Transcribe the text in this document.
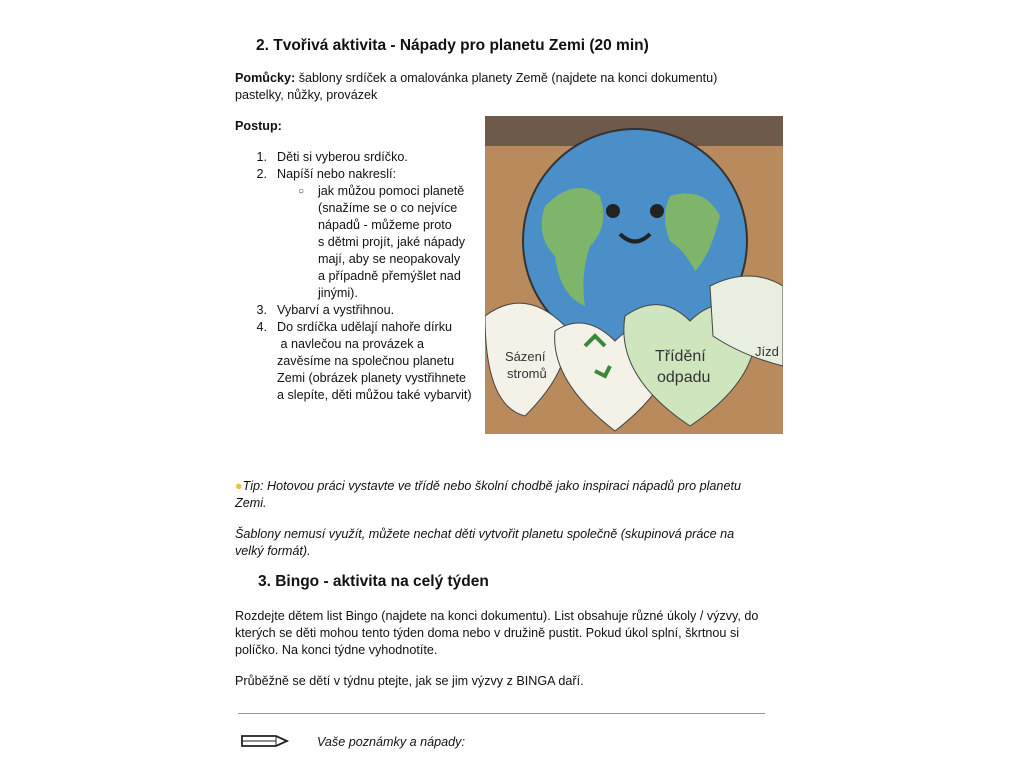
2. Tvořivá aktivita - Nápady pro planetu Zemi (20 min)
Pomůcky: šablony srdíček a omalovánka planety Země (najdete na konci dokumentu)
pastelky, nůžky, provázek
Postup:
1. Děti si vyberou srdíčko.
2. Napíší nebo nakreslí:
○ jak můžou pomoci planetě
(snažíme se o co nejvíce
nápadů - můžeme proto
s dětmi projít, jaké nápady
mají, aby se neopakovaly
a případně přemýšlet nad
jinými).
3. Vybarví a vystřihnou.
4. Do srdíčka udělají nahoře dírku
a navlečou na provázek a
zavěsíme na společnou planetu
Zemi (obrázek planety vystřihnete
a slepíte, děti můžou také vybarvit)
Sázení
stromů
Třídění
odpadu
Jízd
●Tip: Hotovou práci vystavte ve třídě nebo školní chodbě jako inspiraci nápadů pro planetu
Zemi.
Šablony nemusí využít, můžete nechat děti vytvořit planetu společně (skupinová práce na
velký formát).
3. Bingo - aktivita na celý týden
Rozdejte dětem list Bingo (najdete na konci dokumentu). List obsahuje různé úkoly / výzvy, do
kterých se děti mohou tento týden doma nebo v družině pustit. Pokud úkol splní, škrtnou si
políčko. Na konci týdne vyhodnotíte.
Průběžně se dětí v týdnu ptejte, jak se jim výzvy z BINGA daří.
Vaše poznámky a nápady:
